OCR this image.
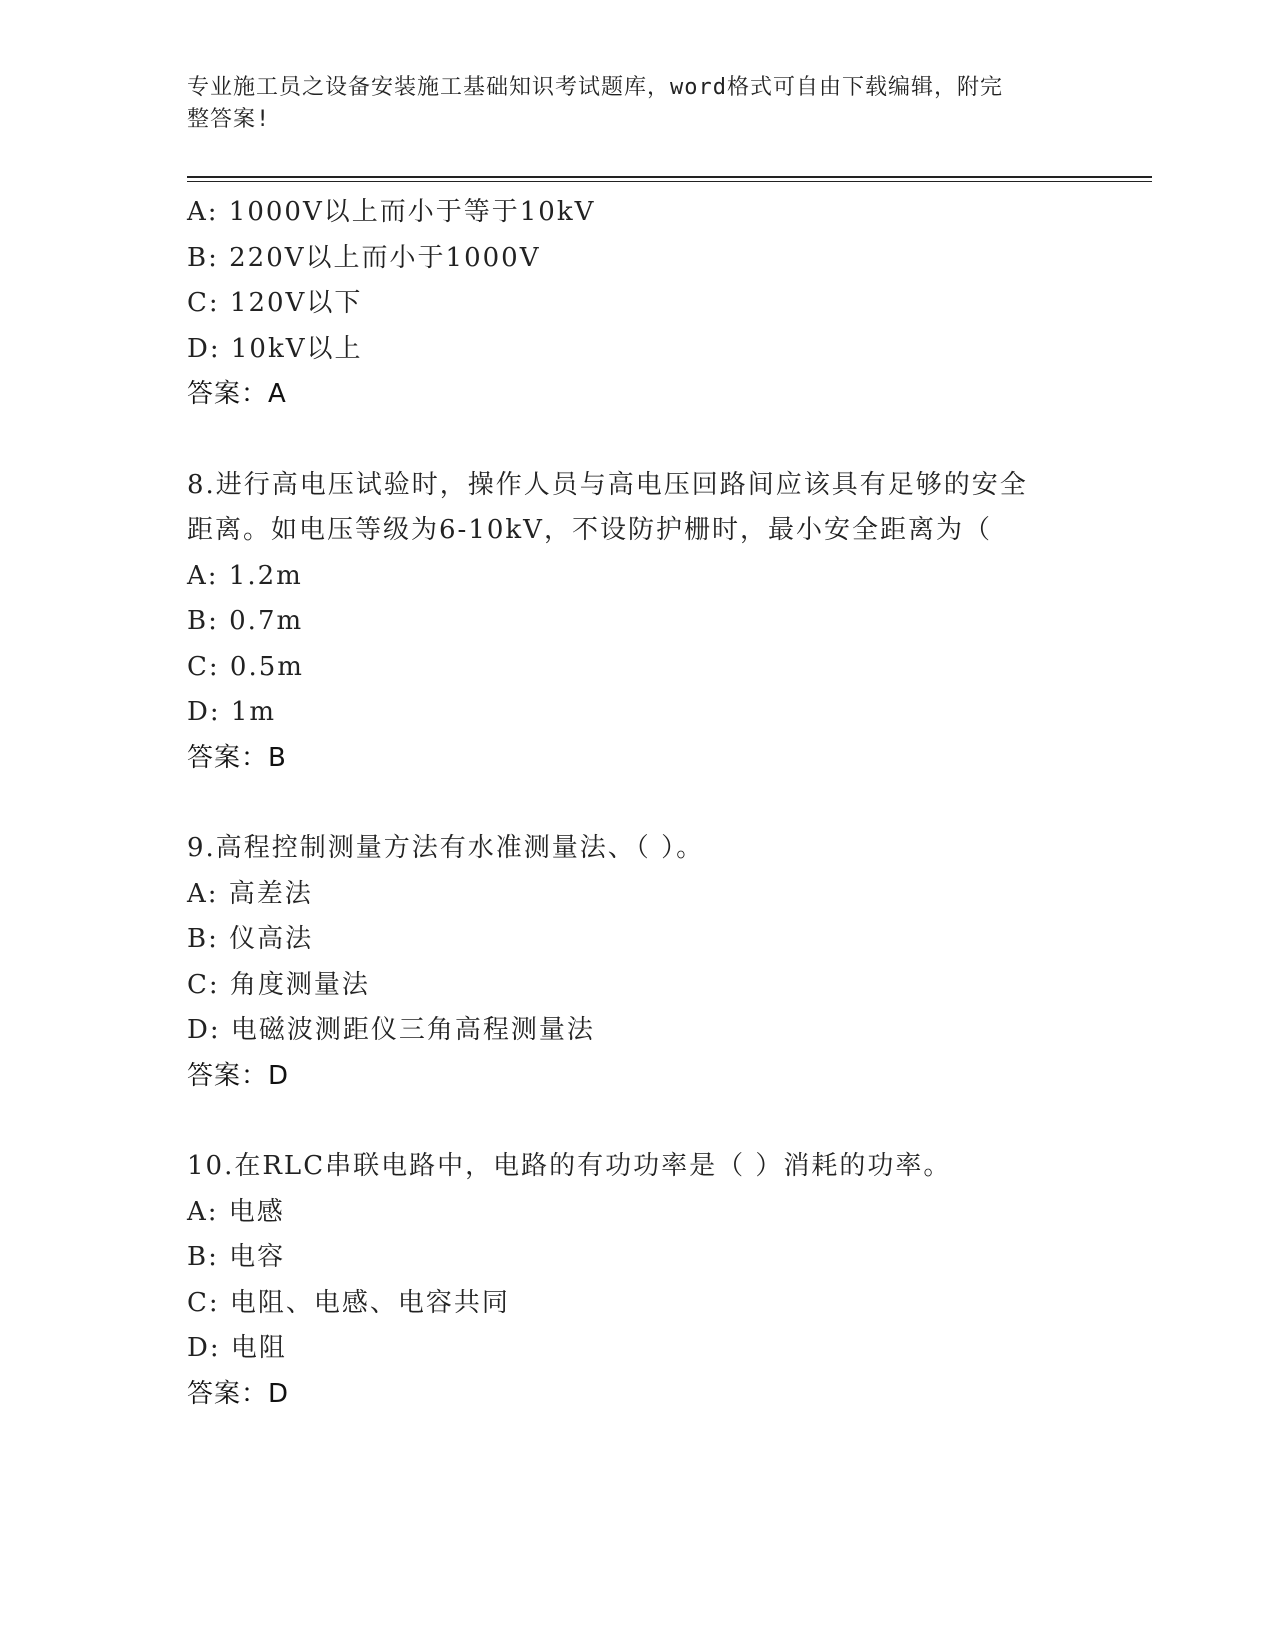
专业施工员之设备安装施工基础知识考试题库，word格式可自由下载编辑，附完
整答案!
A: 1000V以上而小于等于10kV
B: 220V以上而小于1000V
C: 120V以下
D: 10kV以上
答案：A
8.进行高电压试验时，操作人员与高电压回路间应该具有足够的安全
距离。如电压等级为6-10kV，不设防护栅时，最小安全距离为（
A: 1.2m
B: 0.7m
C: 0.5m
D: 1m
答案：B
9.高程控制测量方法有水准测量法、（ ）。
A: 高差法
B: 仪高法
C: 角度测量法
D: 电磁波测距仪三角高程测量法
答案：D
10.在RLC串联电路中，电路的有功功率是（ ）消耗的功率。
A: 电感
B: 电容
C: 电阻、电感、电容共同
D: 电阻
答案：D
